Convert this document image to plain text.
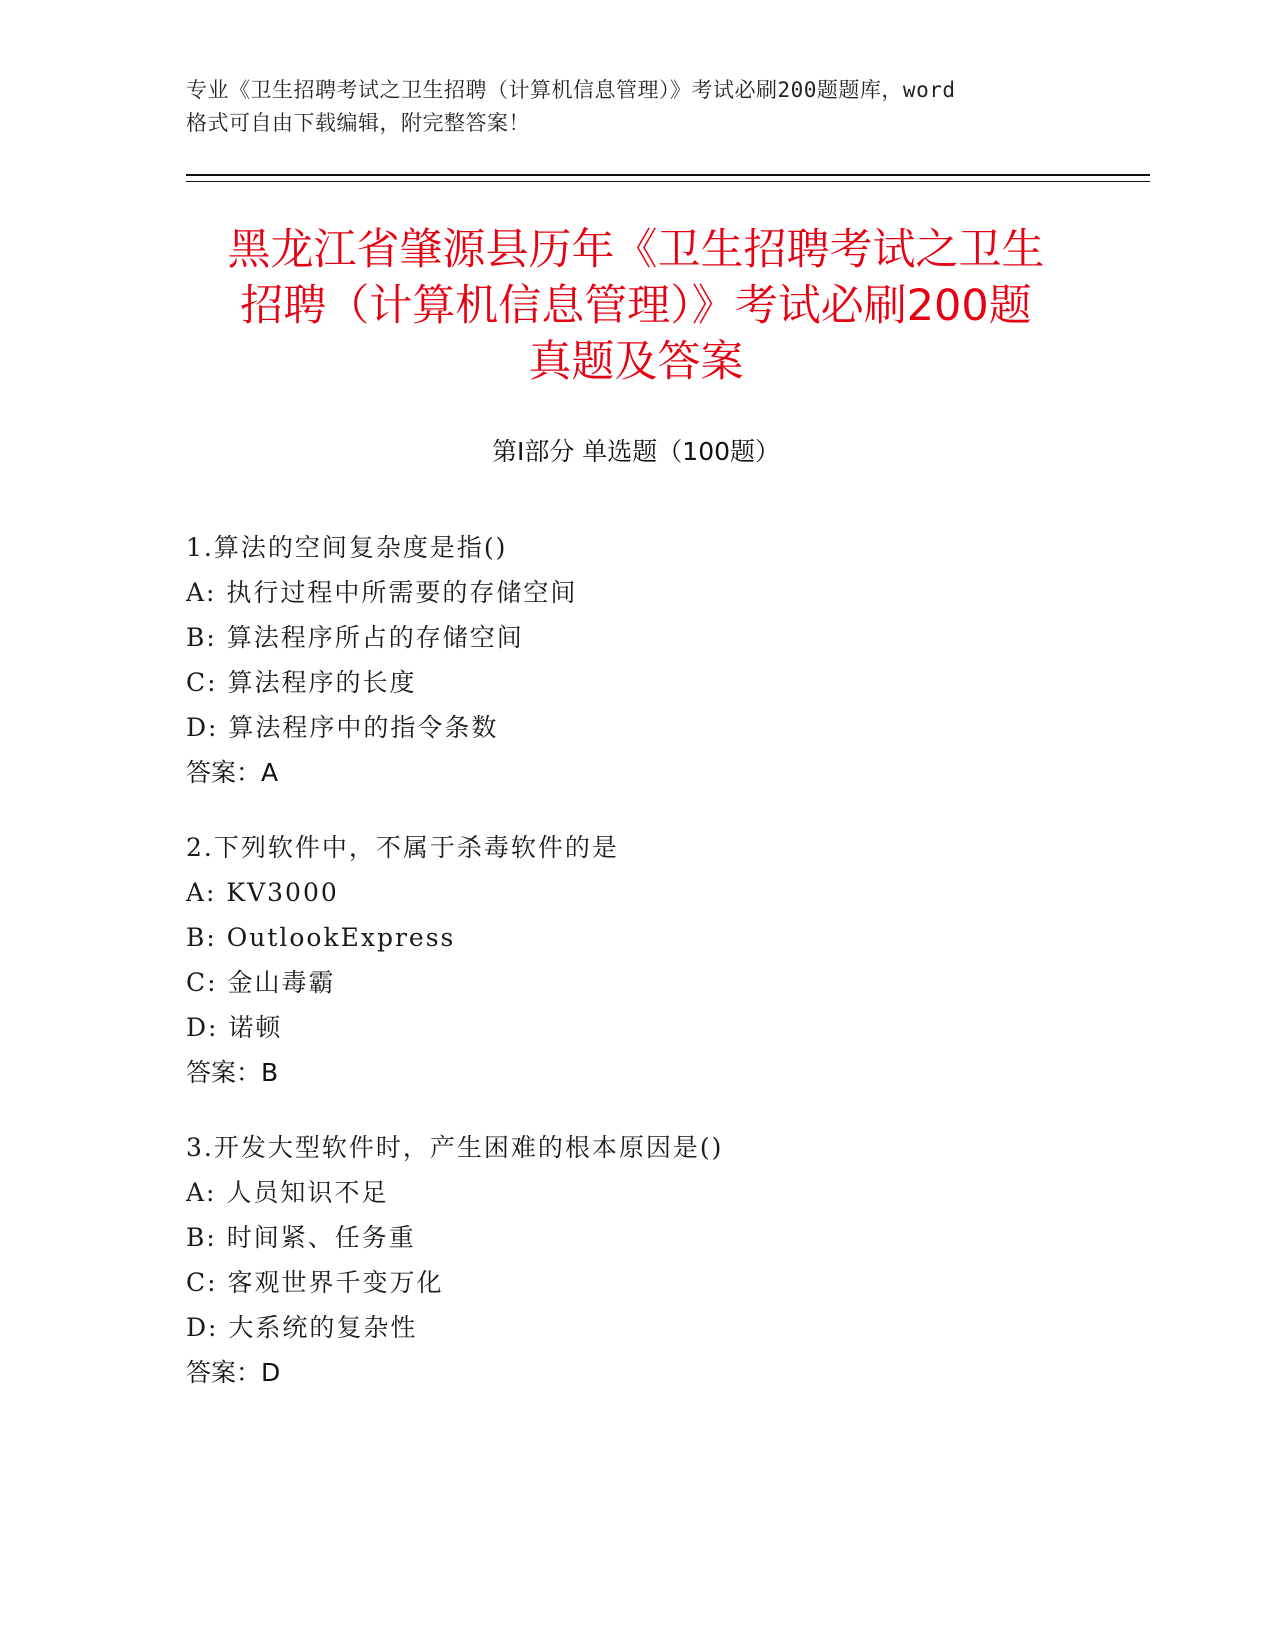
专业《卫生招聘考试之卫生招聘（计算机信息管理）》考试必刷200题题库，word
格式可自由下载编辑，附完整答案！
黑龙江省肇源县历年《卫生招聘考试之卫生
招聘（计算机信息管理）》考试必刷200题
真题及答案
第Ⅰ部分 单选题（100题）
1.算法的空间复杂度是指()
A: 执行过程中所需要的存储空间
B: 算法程序所占的存储空间
C: 算法程序的长度
D: 算法程序中的指令条数
答案：A
2.下列软件中，不属于杀毒软件的是
A: KV3000
B: OutlookExpress
C: 金山毒霸
D: 诺顿
答案：B
3.开发大型软件时，产生困难的根本原因是()
A: 人员知识不足
B: 时间紧、任务重
C: 客观世界千变万化
D: 大系统的复杂性
答案：D
